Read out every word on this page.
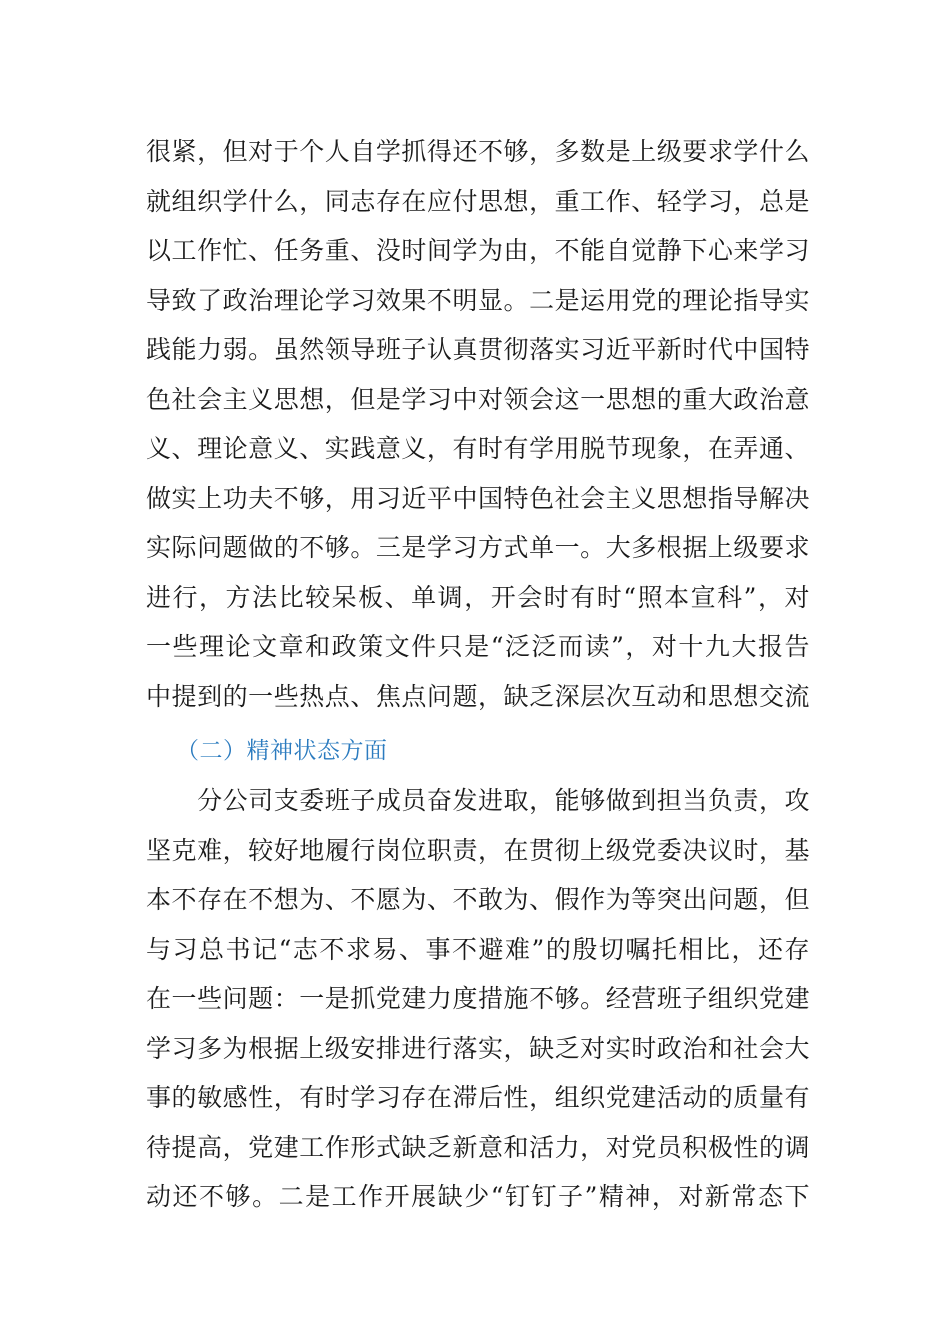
很紧，但对于个人自学抓得还不够，多数是上级要求学什么
就组织学什么，同志存在应付思想，重工作、轻学习，总是
以工作忙、任务重、没时间学为由，不能自觉静下心来学习
导致了政治理论学习效果不明显。二是运用党的理论指导实
践能力弱。虽然领导班子认真贯彻落实习近平新时代中国特
色社会主义思想，但是学习中对领会这一思想的重大政治意
义、理论意义、实践意义，有时有学用脱节现象，在弄通、
做实上功夫不够，用习近平中国特色社会主义思想指导解决
实际问题做的不够。三是学习方式单一。大多根据上级要求
进行，方法比较呆板、单调，开会时有时“照本宣科”，对
一些理论文章和政策文件只是“泛泛而读”，对十九大报告
中提到的一些热点、焦点问题，缺乏深层次互动和思想交流
（二）精神状态方面
　　分公司支委班子成员奋发进取，能够做到担当负责，攻
坚克难，较好地履行岗位职责，在贯彻上级党委决议时，基
本不存在不想为、不愿为、不敢为、假作为等突出问题，但
与习总书记“志不求易、事不避难”的殷切嘱托相比，还存
在一些问题：一是抓党建力度措施不够。经营班子组织党建
学习多为根据上级安排进行落实，缺乏对实时政治和社会大
事的敏感性，有时学习存在滞后性，组织党建活动的质量有
待提高，党建工作形式缺乏新意和活力，对党员积极性的调
动还不够。二是工作开展缺少“钉钉子”精神，对新常态下
